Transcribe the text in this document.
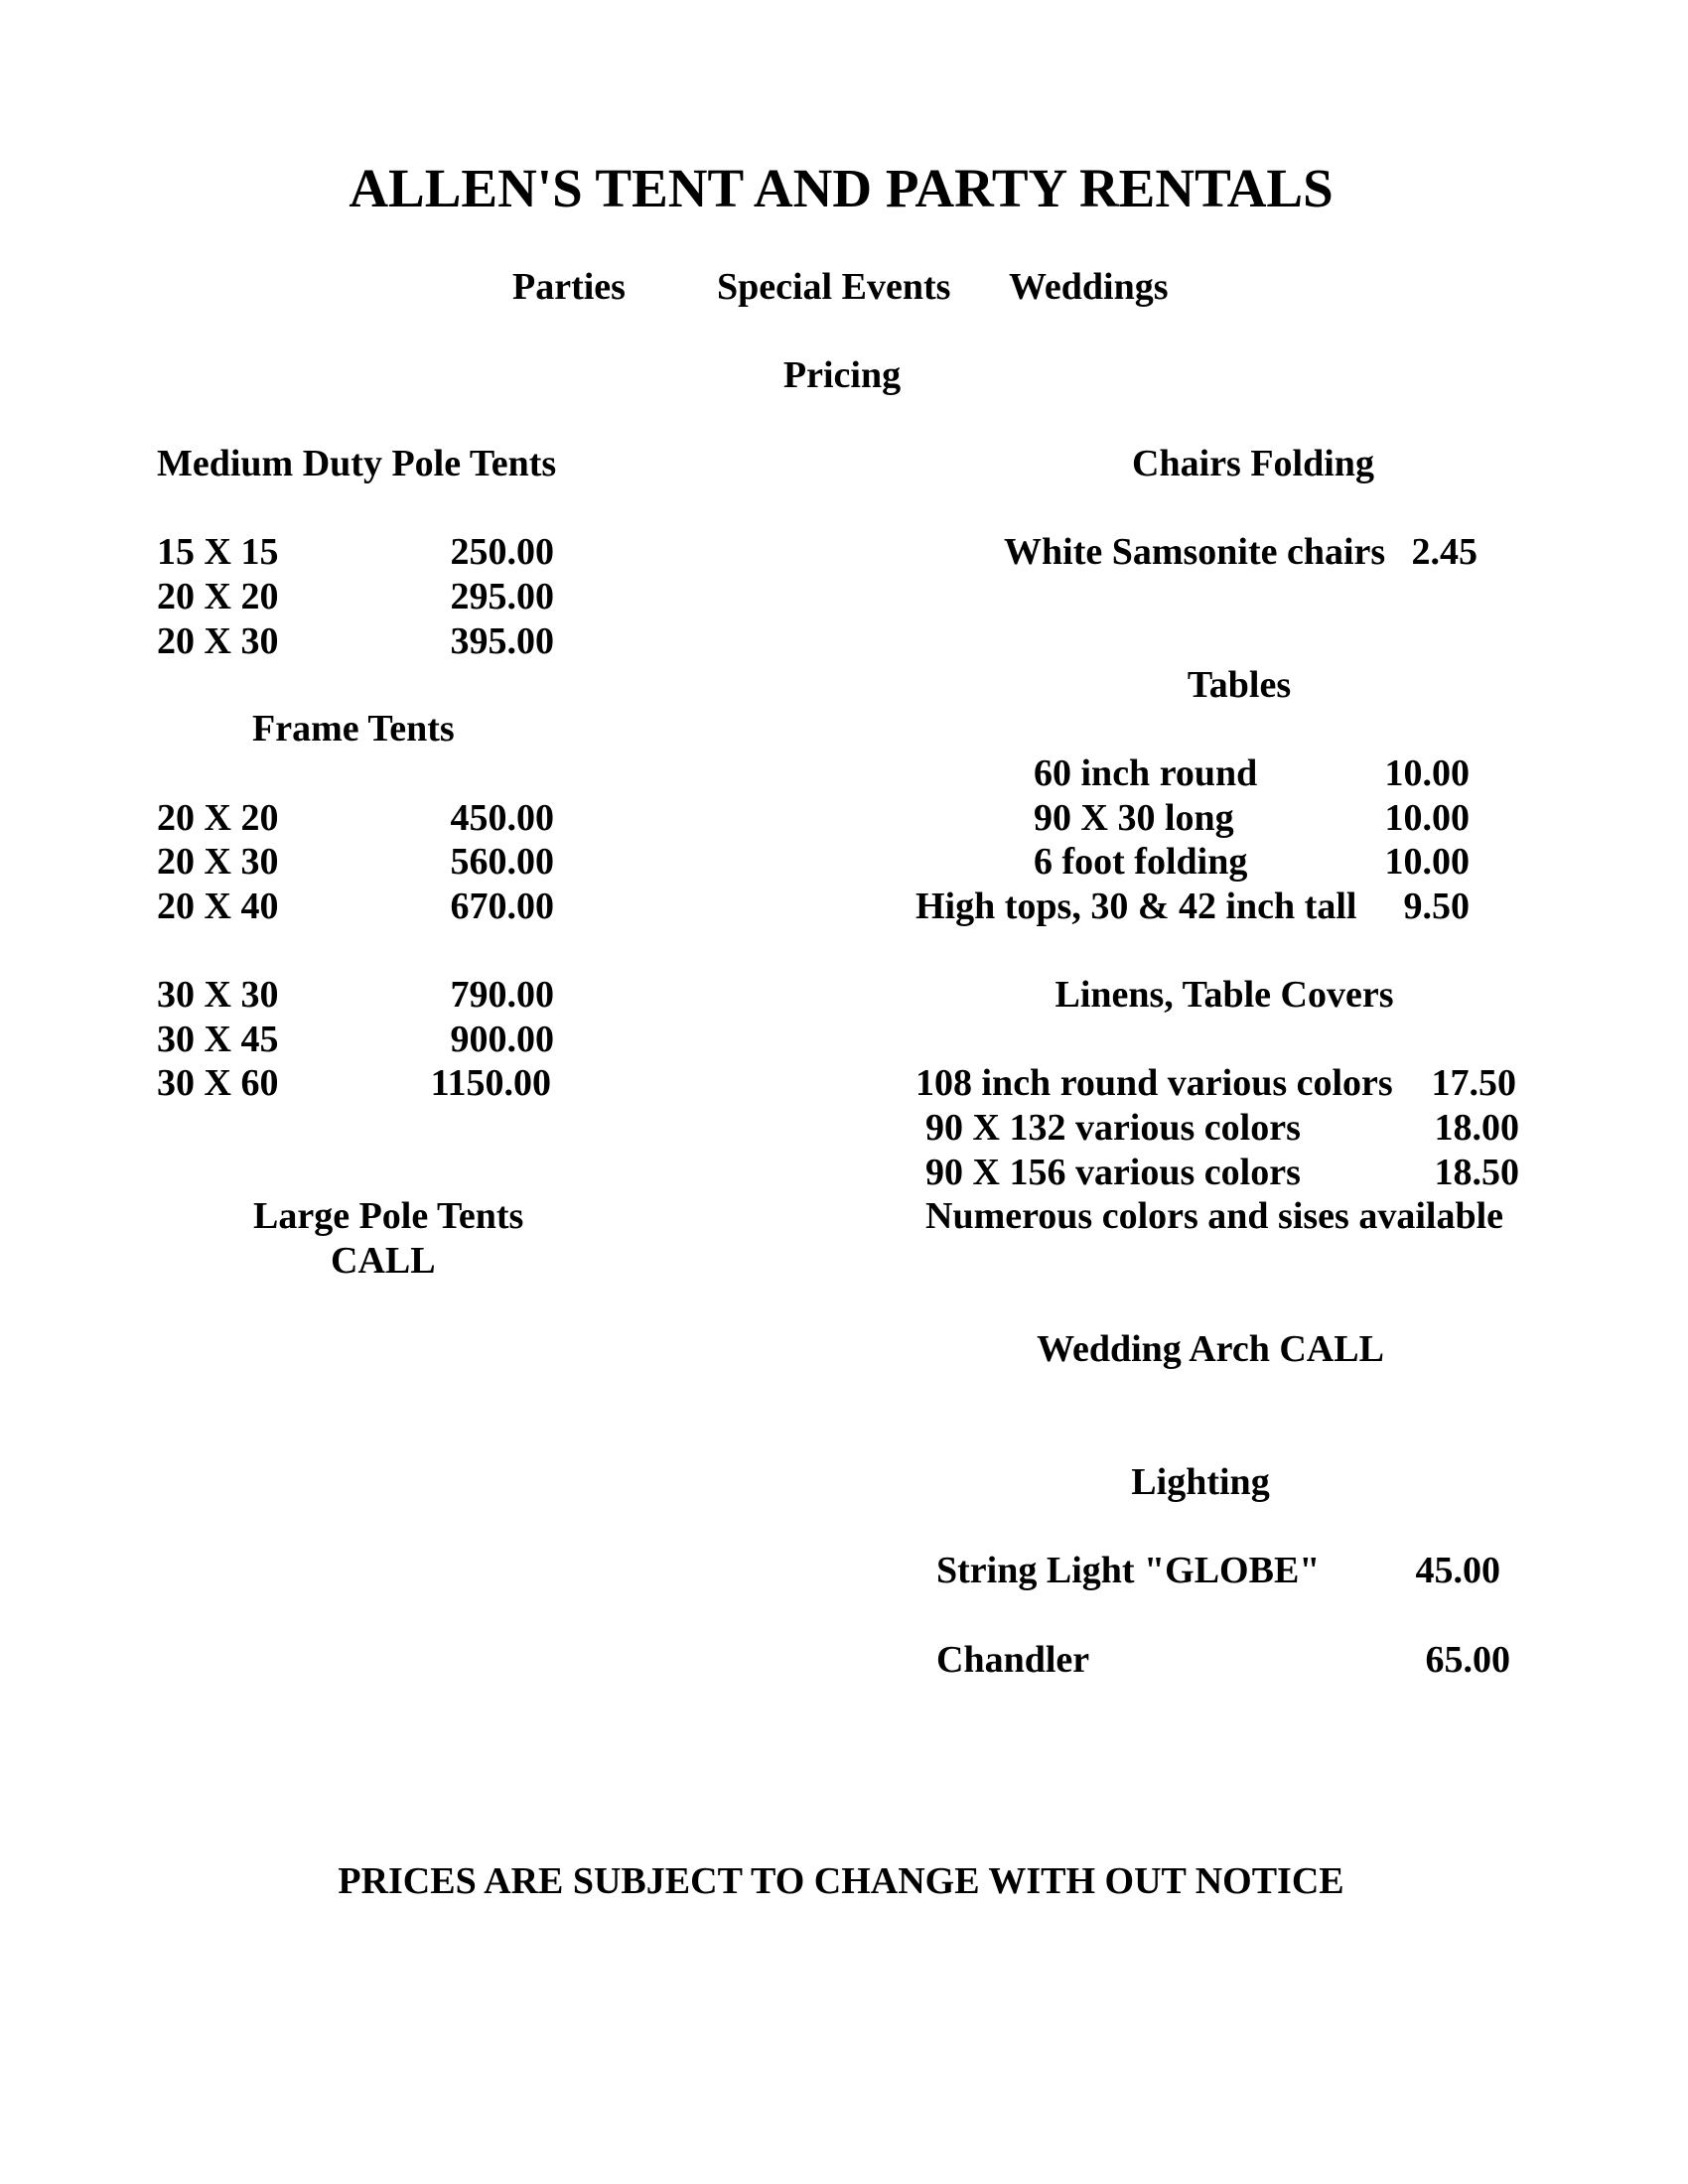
ALLEN'S TENT AND PARTY RENTALS
Parties Special Events Weddings
Pricing
Medium Duty Pole Tents
15 X 15	250.00
20 X 20	295.00
20 X 30	395.00
Frame Tents
20 X 20	450.00
20 X 30	560.00
20 X 40	670.00
30 X 30	790.00
30 X 45	900.00
30 X 60	1150.00
Large Pole Tents
CALL
Chairs Folding
White Samsonite chairs 2.45
Tables
60 inch round	10.00
90 X 30 long	10.00
6 foot folding	10.00
High tops, 30 & 42 inch tall 9.50
Linens, Table Covers
108 inch round various colors 17.50
90 X 132 various colors	18.00
90 X 156 various colors	18.50
Numerous colors and sises available
Wedding Arch CALL
Lighting
String Light "GLOBE"	45.00
Chandler	65.00
PRICES ARE SUBJECT TO CHANGE WITH OUT NOTICE
